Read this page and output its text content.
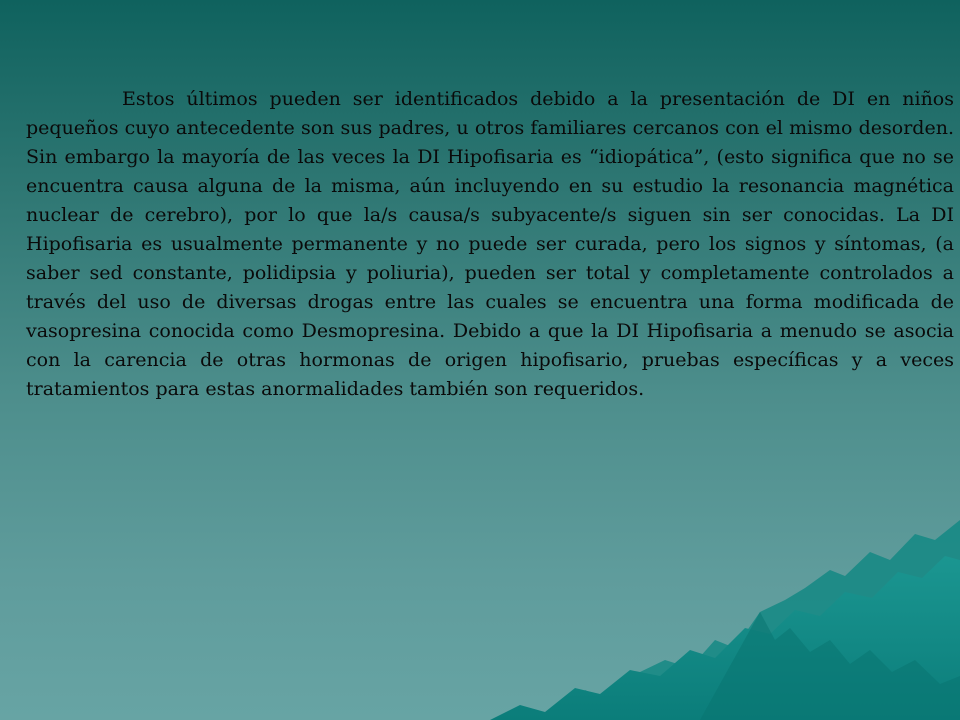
Estos últimos pueden ser identificados debido a la presentación de DI en niños pequeños cuyo antecedente son sus padres, u otros familiares cercanos con el mismo desorden. Sin embargo la mayoría de las veces la DI Hipofisaria es “idiopática”, (esto significa que no se encuentra causa alguna de la misma, aún incluyendo en su estudio la resonancia magnética nuclear de cerebro), por lo que la/s causa/s subyacente/s siguen sin ser conocidas. La DI Hipofisaria es usualmente permanente y no puede ser curada, pero los signos y síntomas, (a saber sed constante, polidipsia y poliuria), pueden ser total y completamente controlados a través del uso de diversas drogas entre las cuales se encuentra una forma modificada de vasopresina conocida como Desmopresina. Debido a que la DI Hipofisaria a menudo se asocia con la carencia de otras hormonas de origen hipofisario, pruebas específicas y a veces tratamientos para estas anormalidades también son requeridos.
